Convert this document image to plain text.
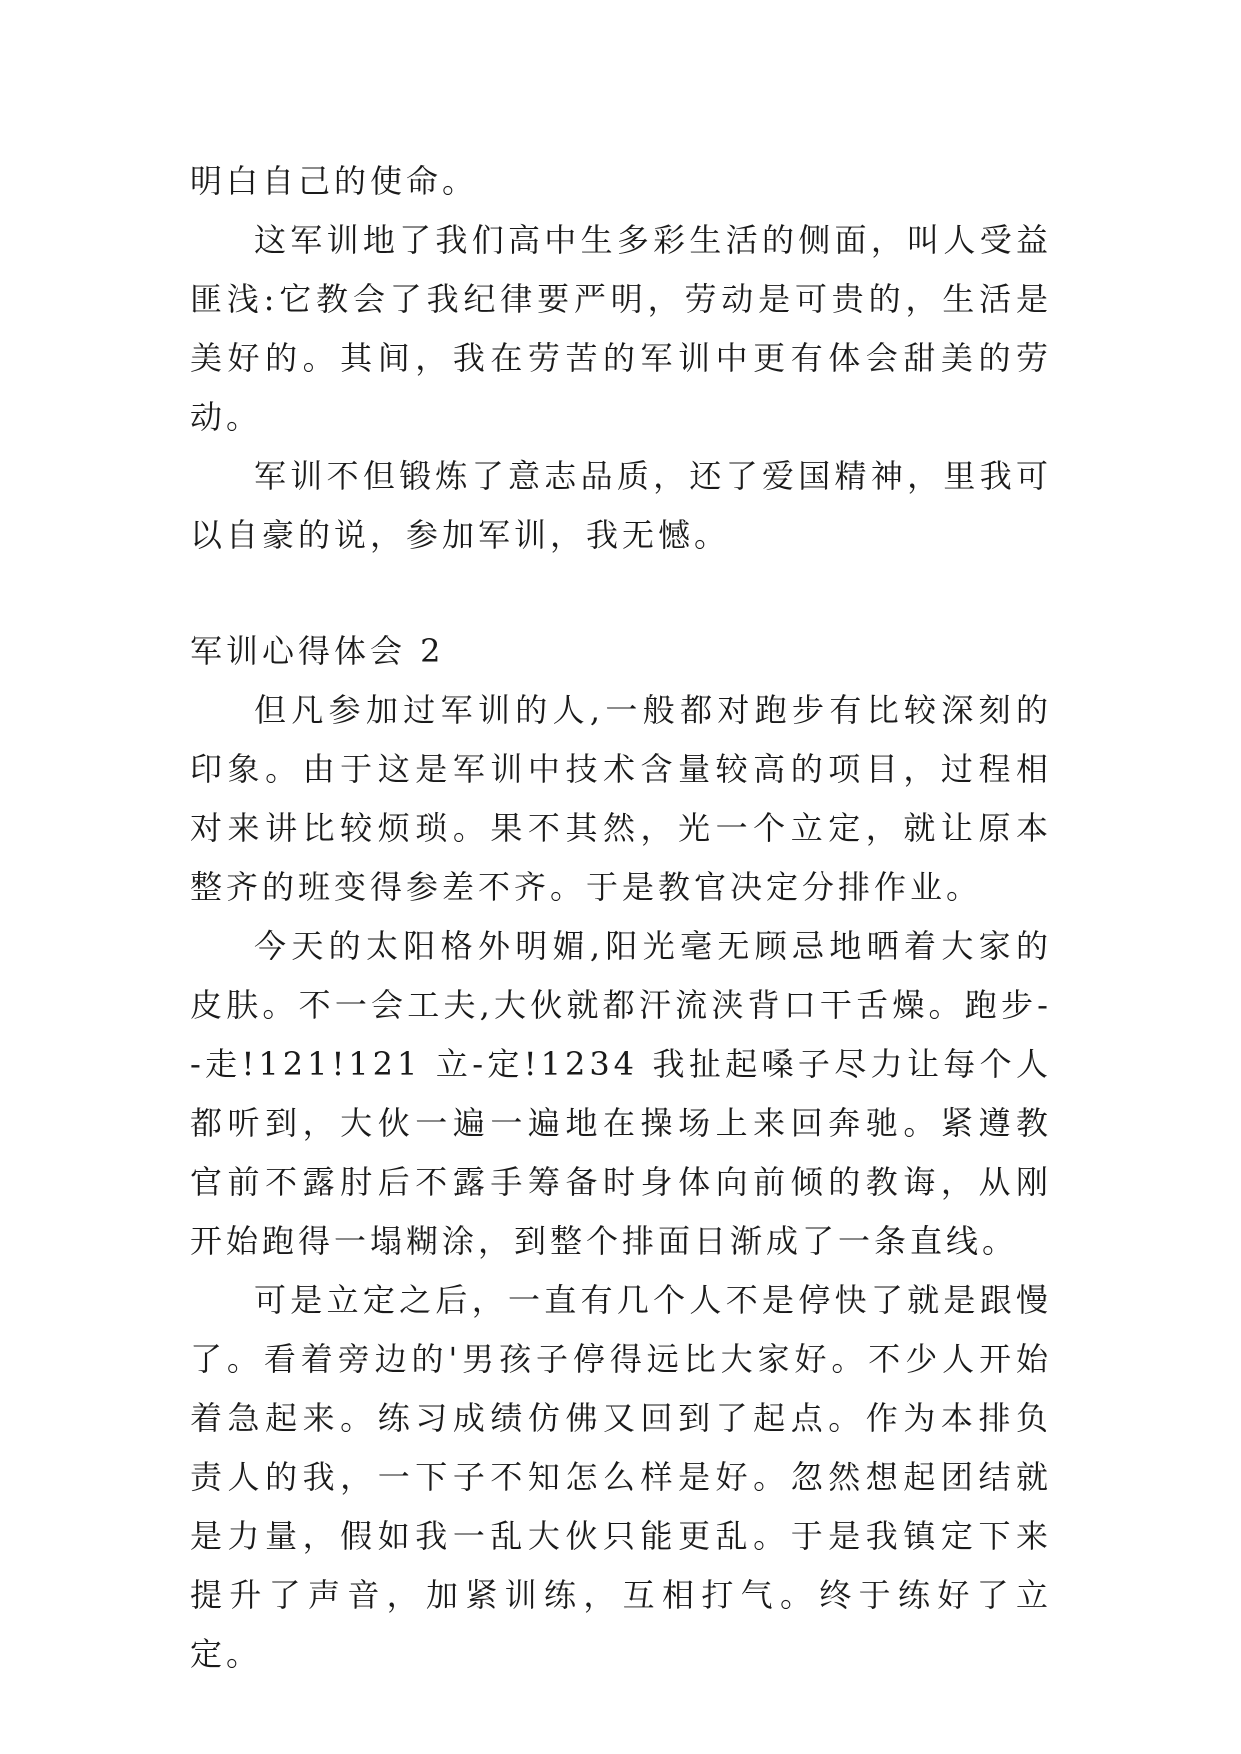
明白自己的使命。

这军训地了我们高中生多彩生活的侧面，叫人受益匪浅:它教会了我纪律要严明，劳动是可贵的，生活是美好的。其间，我在劳苦的军训中更有体会甜美的劳动。

军训不但锻炼了意志品质，还了爱国精神，里我可以自豪的说，参加军训，我无憾。

军训心得体会 2

但凡参加过军训的人,一般都对跑步有比较深刻的印象。由于这是军训中技术含量较高的项目，过程相对来讲比较烦琐。果不其然，光一个立定，就让原本整齐的班变得参差不齐。于是教官决定分排作业。

今天的太阳格外明媚,阳光毫无顾忌地晒着大家的皮肤。不一会工夫,大伙就都汗流浃背口干舌燥。跑步--走!121!121 立-定!1234 我扯起嗓子尽力让每个人都听到，大伙一遍一遍地在操场上来回奔驰。紧遵教官前不露肘后不露手筹备时身体向前倾的教诲，从刚开始跑得一塌糊涂，到整个排面日渐成了一条直线。

可是立定之后，一直有几个人不是停快了就是跟慢了。看着旁边的'男孩子停得远比大家好。不少人开始着急起来。练习成绩仿佛又回到了起点。作为本排负责人的我，一下子不知怎么样是好。忽然想起团结就是力量，假如我一乱大伙只能更乱。于是我镇定下来提升了声音，加紧训练，互相打气。终于练好了立定。
